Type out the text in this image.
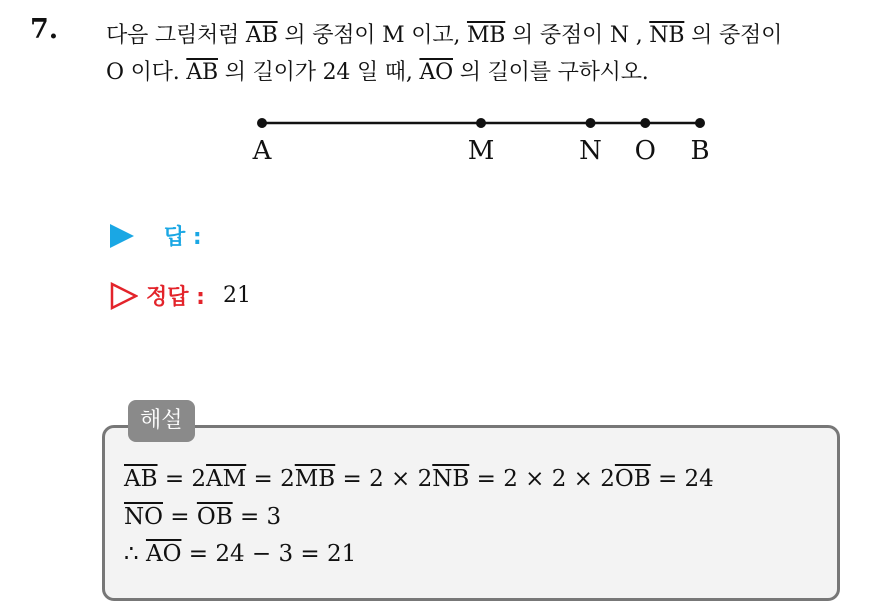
7. 다음 그림처럼 $\overline{AB}$ 의 중점이 M 이고, $\overline{MB}$ 의 중점이 N , $\overline{NB}$ 의 중점이
O 이다. $\overline{AB}$ 의 길이가 24 일 때, $\overline{AO}$ 의 길이를 구하시오.
A	M	N O B
답 :
정답 : 21
해설
$\overline{AB} = 2\overline{AM} = 2\overline{MB} = 2 \times 2\overline{NB} = 2 \times 2 \times 2\overline{OB} = 24$
$\overline{NO} = \overline{OB} = 3$
∴ $\overline{AO} = 24 - 3 = 21$
